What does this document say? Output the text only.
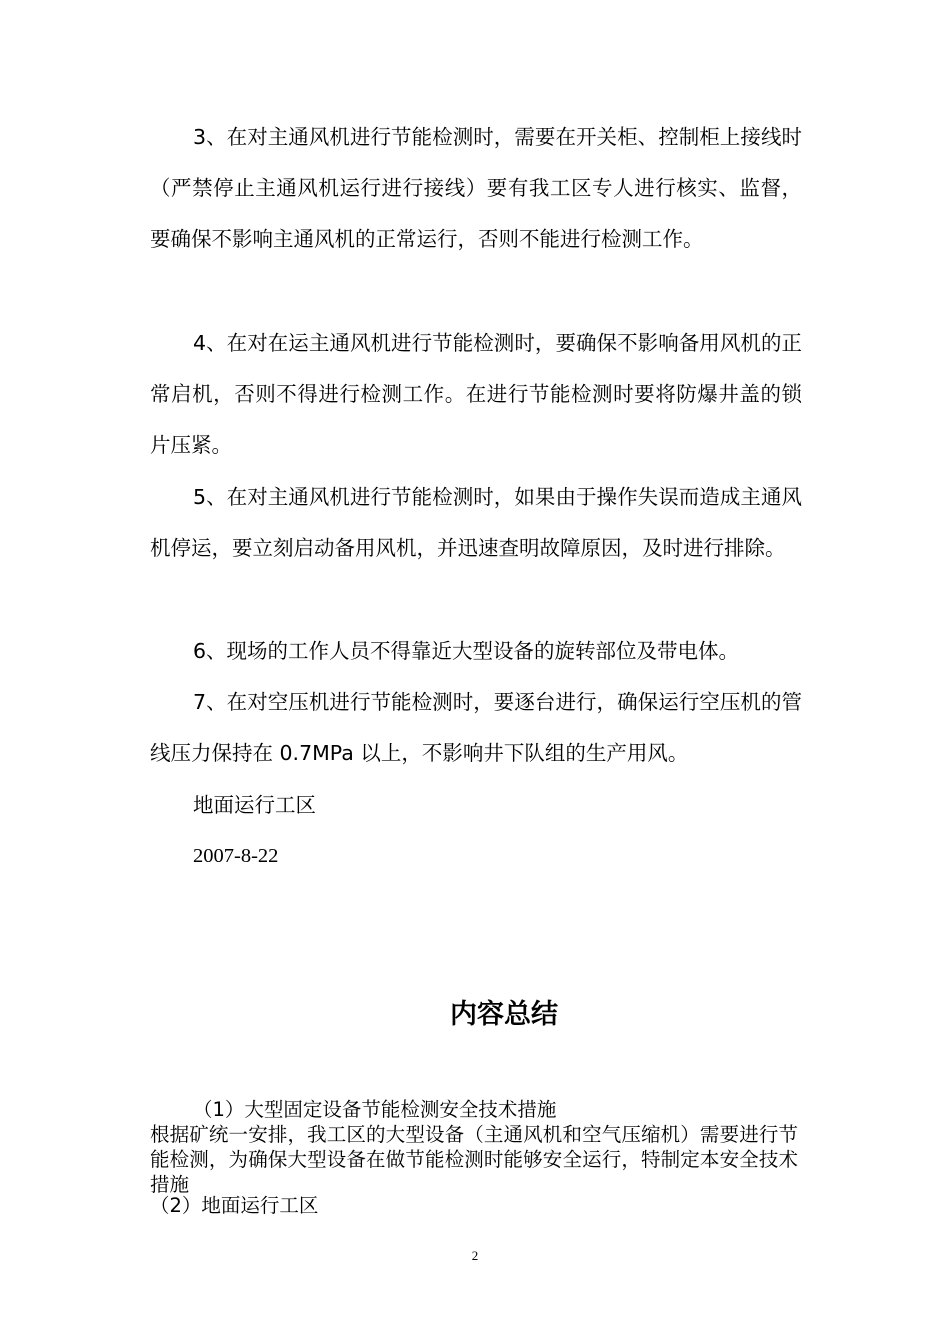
3、在对主通风机进行节能检测时，需要在开关柜、控制柜上接线时（严禁停止主通风机运行进行接线）要有我工区专人进行核实、监督，要确保不影响主通风机的正常运行，否则不能进行检测工作。

4、在对在运主通风机进行节能检测时，要确保不影响备用风机的正常启机，否则不得进行检测工作。在进行节能检测时要将防爆井盖的锁片压紧。

5、在对主通风机进行节能检测时，如果由于操作失误而造成主通风机停运，要立刻启动备用风机，并迅速查明故障原因，及时进行排除。

6、现场的工作人员不得靠近大型设备的旋转部位及带电体。

7、在对空压机进行节能检测时，要逐台进行，确保运行空压机的管线压力保持在 0.7MPa 以上，不影响井下队组的生产用风。

地面运行工区

2007-8-22

内容总结

（1）大型固定设备节能检测安全技术措施

根据矿统一安排，我工区的大型设备（主通风机和空气压缩机）需要进行节能检测，为确保大型设备在做节能检测时能够安全运行，特制定本安全技术措施

（2）地面运行工区

2
